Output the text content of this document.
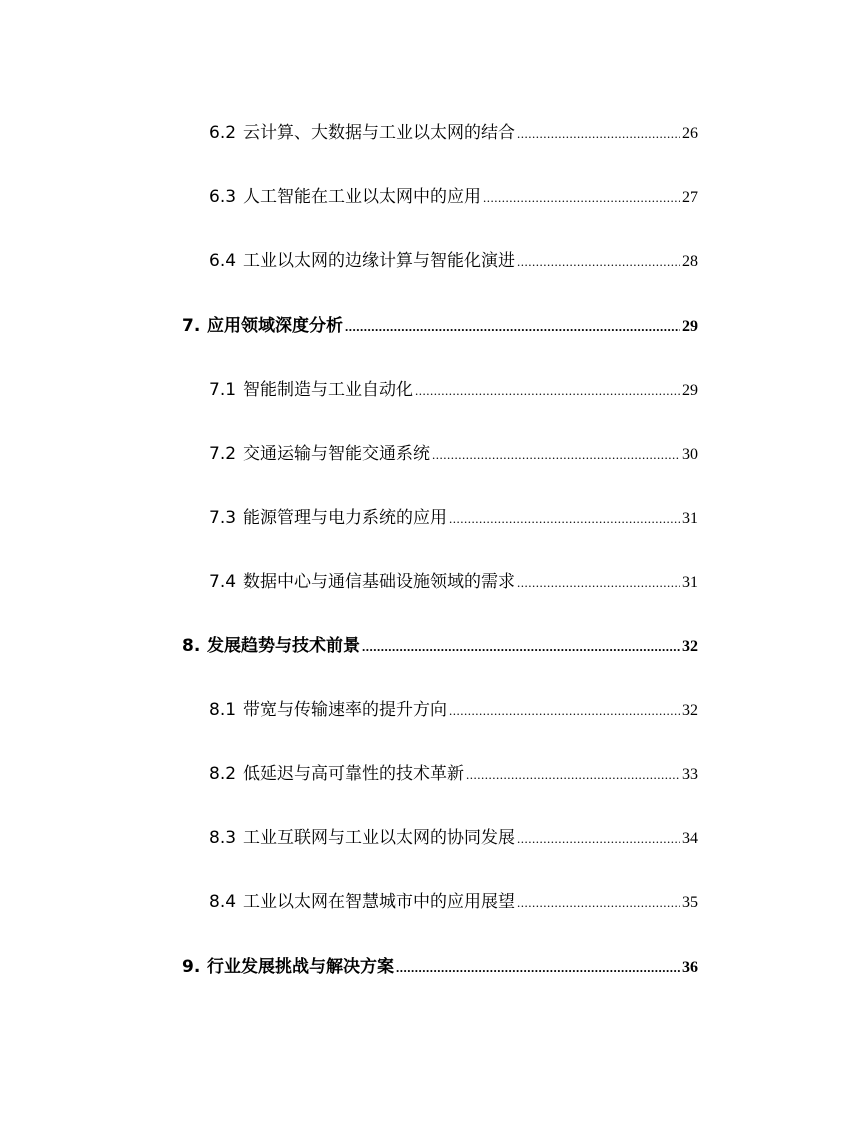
6.2 云计算、大数据与工业以太网的结合 .....	26
6.3 人工智能在工业以太网中的应用 .....	27
6.4 工业以太网的边缘计算与智能化演进 .....	28
7. 应用领域深度分析 .....	29
7.1 智能制造与工业自动化 .....	29
7.2 交通运输与智能交通系统 .....	30
7.3 能源管理与电力系统的应用 .....	31
7.4 数据中心与通信基础设施领域的需求 .....	31
8. 发展趋势与技术前景 .....	32
8.1 带宽与传输速率的提升方向 .....	32
8.2 低延迟与高可靠性的技术革新 .....	33
8.3 工业互联网与工业以太网的协同发展 .....	34
8.4 工业以太网在智慧城市中的应用展望 .....	35
9. 行业发展挑战与解决方案 .....	36
